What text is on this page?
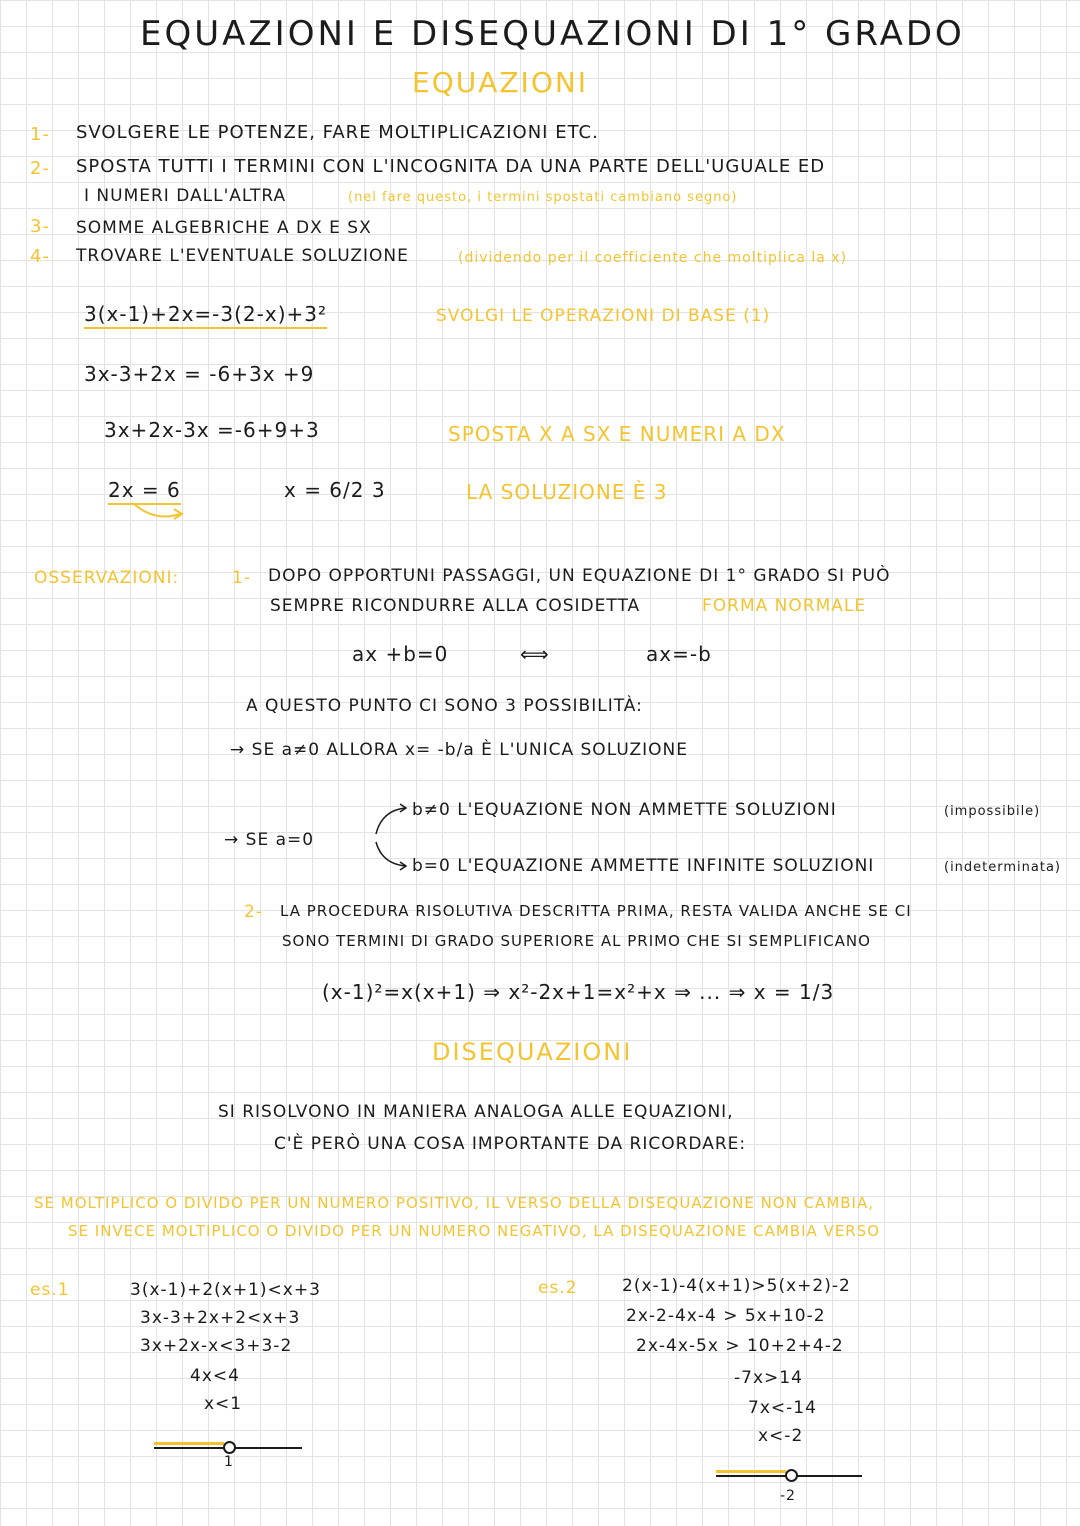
EQUAZIONI E DISEQUAZIONI DI 1° GRADO
EQUAZIONI
1- SVOLGERE LE POTENZE, FARE MOLTIPLICAZIONI ETC.
2- SPOSTA TUTTI I TERMINI CON L'INCOGNITA DA UNA PARTE DELL'UGUALE ED
I NUMERI DALL'ALTRA	(nel fare questo, i termini spostati cambiano segno)
3- SOMME ALGEBRICHE A DX E SX
4- TROVARE L'EVENTUALE SOLUZIONE	(dividendo per il coefficiente che moltiplica la x)
3(x-1)+2x=-3(2-x)+3²	SVOLGI LE OPERAZIONI DI BASE (1)
3x-3+2x = -6+3x +9
3x+2x-3x =-6+9+3	SPOSTA X A SX E NUMERI A DX
2x = 6	x = 6/2 3	LA SOLUZIONE È 3
OSSERVAZIONI:	1- DOPO OPPORTUNI PASSAGGI, UN EQUAZIONE DI 1° GRADO SI PUÒ
SEMPRE RICONDURRE ALLA COSIDETTA	FORMA NORMALE
ax +b=0	⟺	ax=-b
A QUESTO PUNTO CI SONO 3 POSSIBILITÀ:
→ SE a≠0 ALLORA x= -b/a È L'UNICA SOLUZIONE
→ SE a=0
b≠0 L'EQUAZIONE NON AMMETTE SOLUZIONI	(impossibile)
b=0 L'EQUAZIONE AMMETTE INFINITE SOLUZIONI	(indeterminata)
2- LA PROCEDURA RISOLUTIVA DESCRITTA PRIMA, RESTA VALIDA ANCHE SE CI
SONO TERMINI DI GRADO SUPERIORE AL PRIMO CHE SI SEMPLIFICANO
(x-1)²=x(x+1) ⇒ x²-2x+1=x²+x ⇒ ... ⇒ x = 1/3
DISEQUAZIONI
SI RISOLVONO IN MANIERA ANALOGA ALLE EQUAZIONI,
C'È PERÒ UNA COSA IMPORTANTE DA RICORDARE:
SE MOLTIPLICO O DIVIDO PER UN NUMERO POSITIVO, IL VERSO DELLA DISEQUAZIONE NON CAMBIA,
SE INVECE MOLTIPLICO O DIVIDO PER UN NUMERO NEGATIVO, LA DISEQUAZIONE CAMBIA VERSO
es.1	3(x-1)+2(x+1)<x+3
3x-3+2x+2<x+3
3x+2x-x<3+3-2
4x<4
x<1
1
es.2	2(x-1)-4(x+1)>5(x+2)-2
2x-2-4x-4 > 5x+10-2
2x-4x-5x > 10+2+4-2
-7x>14
7x<-14
x<-2
-2
